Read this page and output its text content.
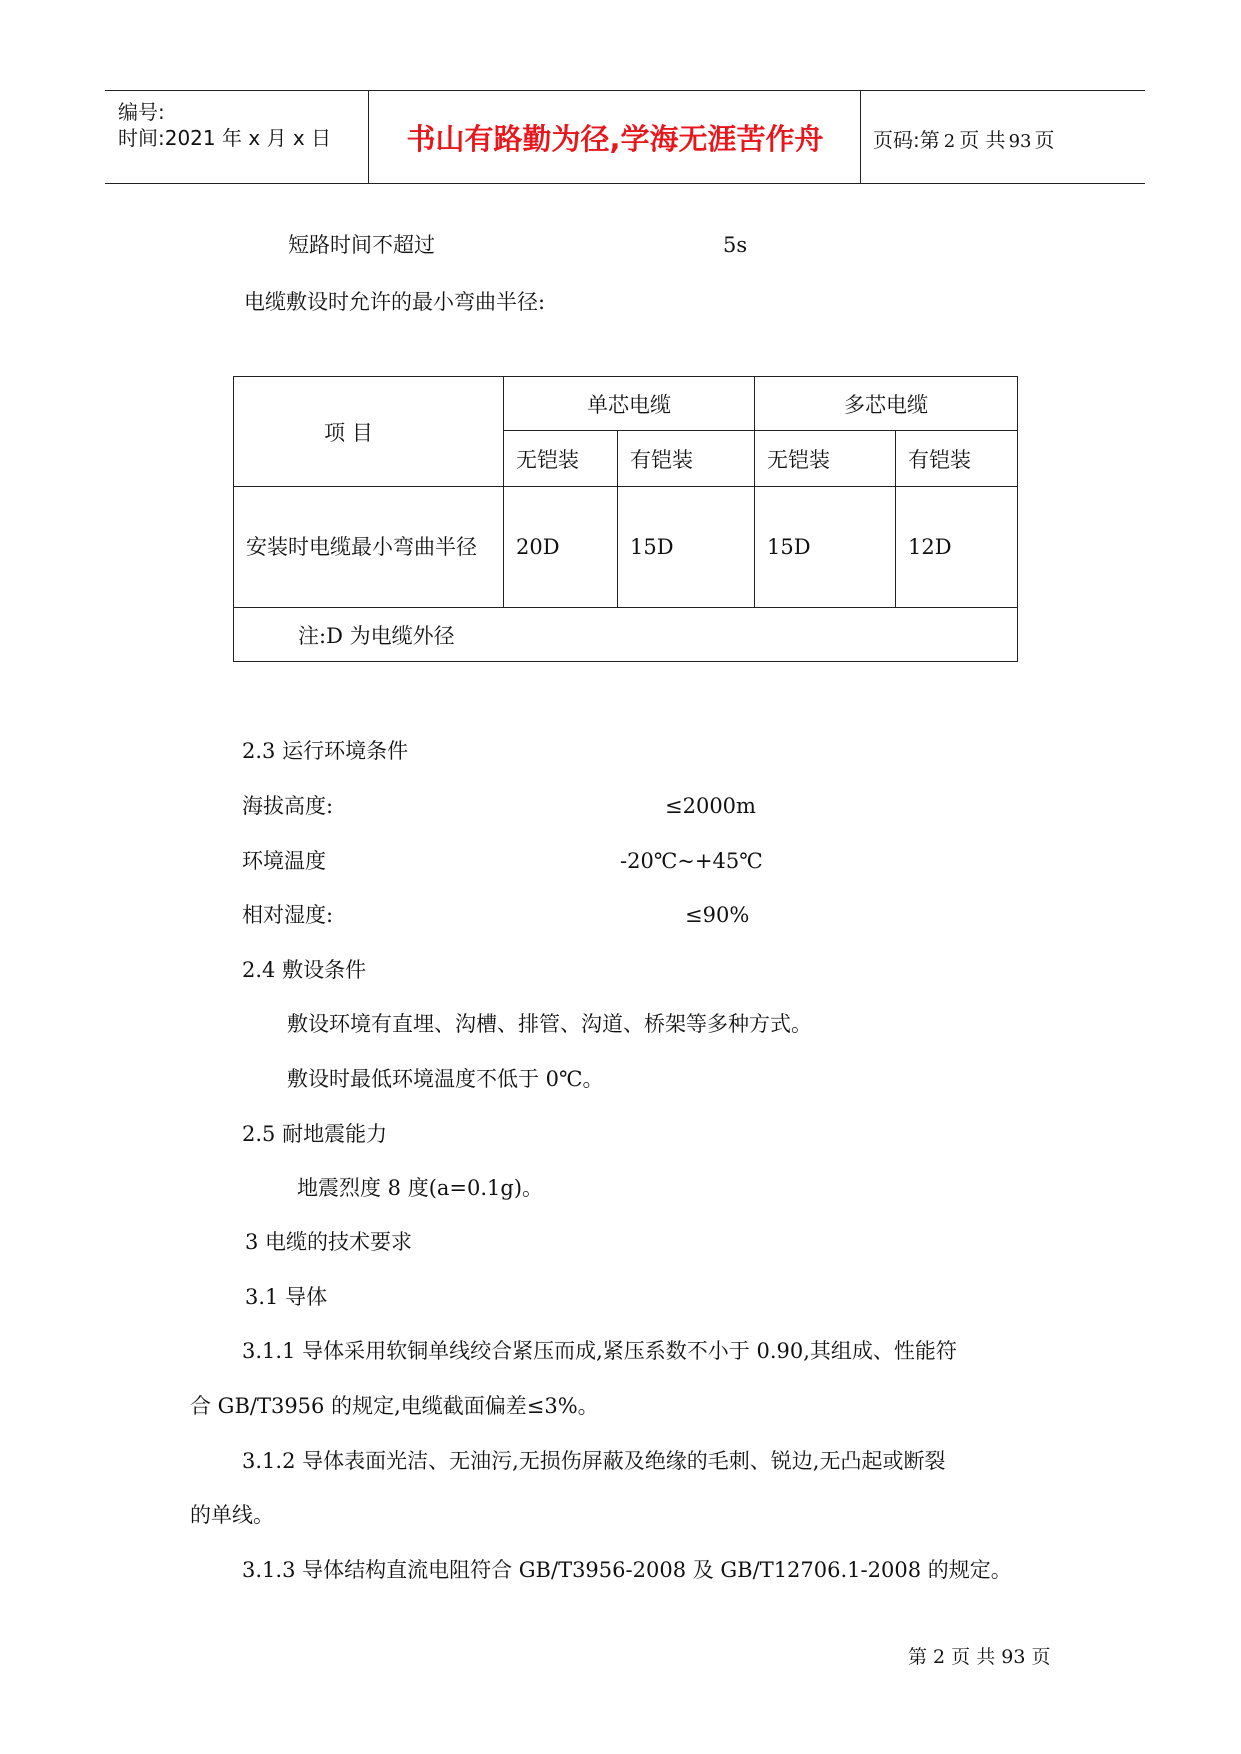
编号:
时间:2021 年 x 月 x 日	书山有路勤为径,学海无涯苦作舟	页码:第 2 页 共 93 页
短路时间不超过	5s
电缆敷设时允许的最小弯曲半径:
项 目	单芯电缆		多芯电缆	
	无铠装	有铠装	无铠装	有铠装
安装时电缆最小弯曲半径	20D	15D	15D	12D
注:D 为电缆外径				
2.3 运行环境条件
海拔高度:	≤2000m
环境温度	-20℃~+45℃
相对湿度:	≤90%
2.4 敷设条件
敷设环境有直埋、沟槽、排管、沟道、桥架等多种方式。
敷设时最低环境温度不低于 0℃。
2.5 耐地震能力
地震烈度 8 度(a=0.1g)。
3 电缆的技术要求
3.1 导体
3.1.1 导体采用软铜单线绞合紧压而成,紧压系数不小于 0.90,其组成、性能符
合 GB/T3956 的规定,电缆截面偏差≤3%。
3.1.2 导体表面光洁、无油污,无损伤屏蔽及绝缘的毛刺、锐边,无凸起或断裂
的单线。
3.1.3 导体结构直流电阻符合 GB/T3956-2008 及 GB/T12706.1-2008 的规定。
第 2 页 共 93 页
